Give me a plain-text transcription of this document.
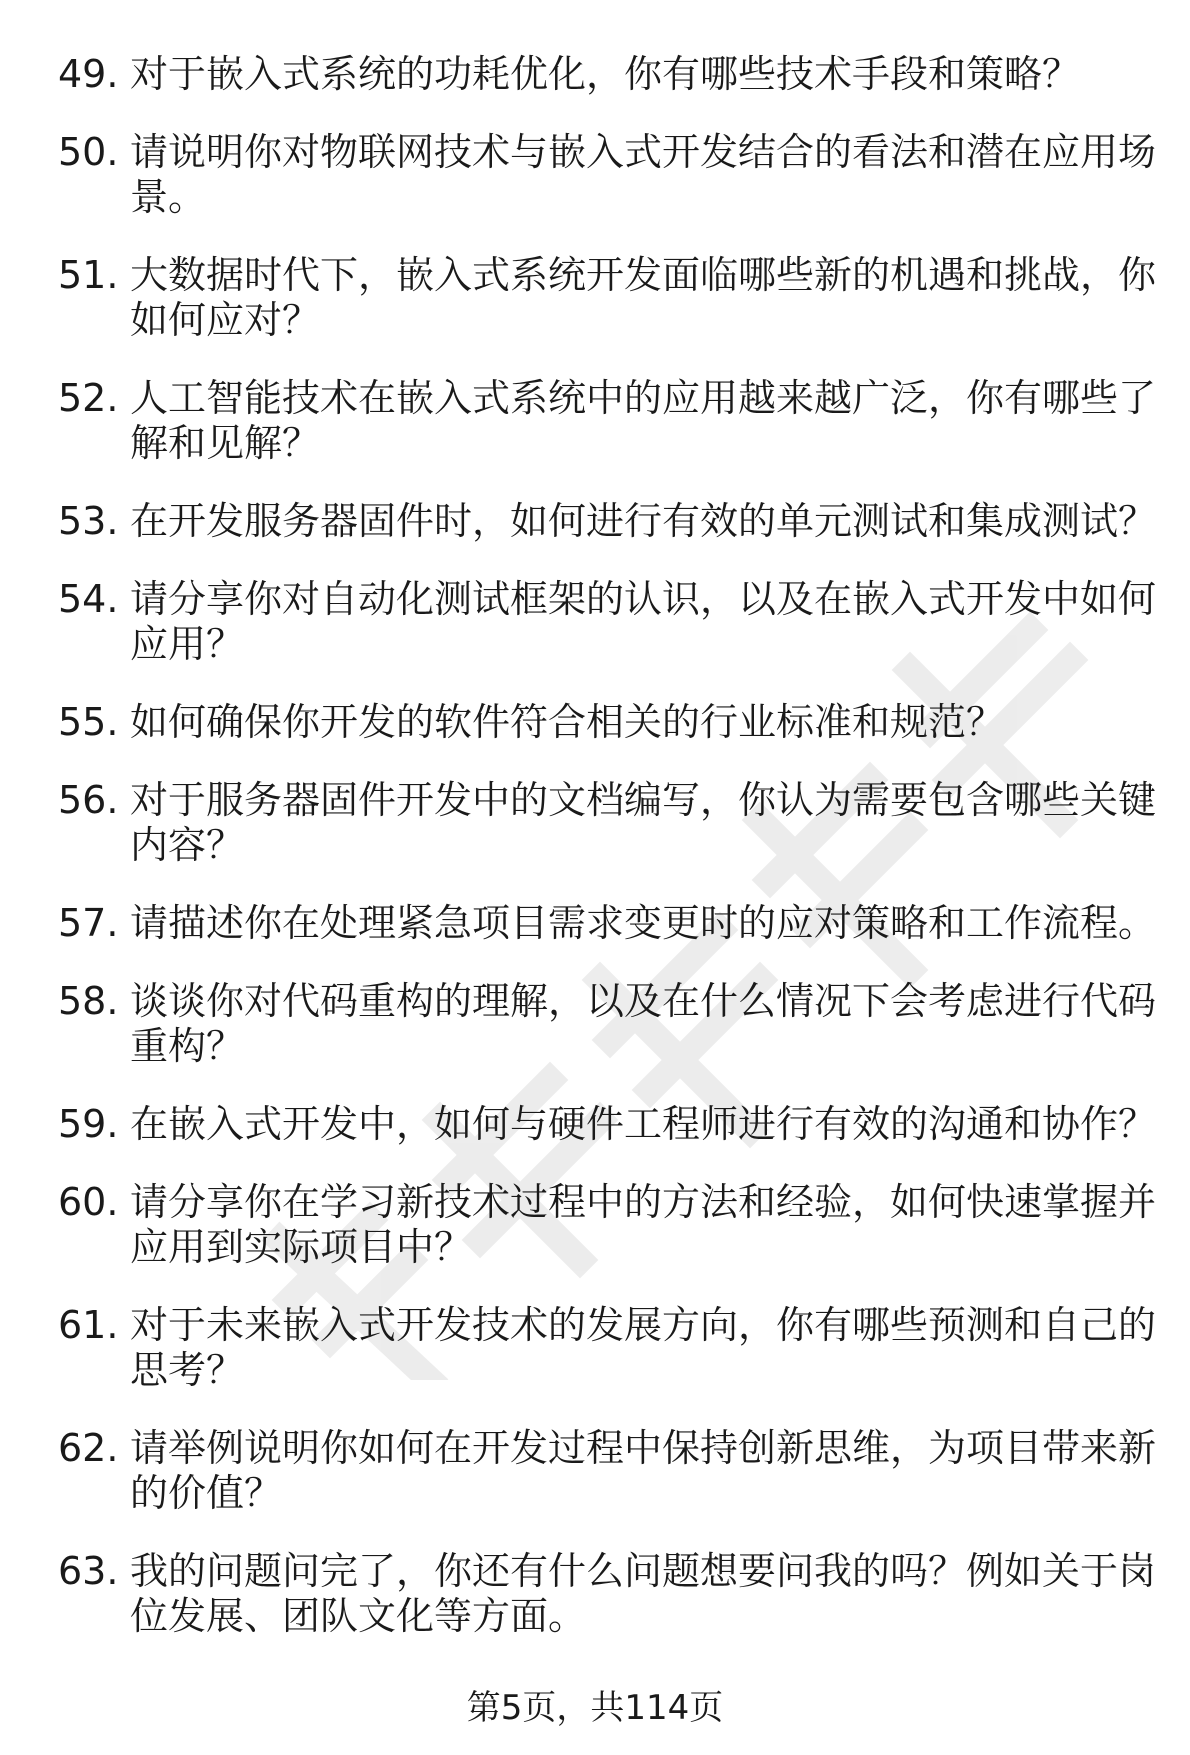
49. 对于嵌入式系统的功耗优化，你有哪些技术手段和策略？
50. 请说明你对物联网技术与嵌入式开发结合的看法和潜在应用场景。
51. 大数据时代下，嵌入式系统开发面临哪些新的机遇和挑战，你如何应对？
52. 人工智能技术在嵌入式系统中的应用越来越广泛，你有哪些了解和见解？
53. 在开发服务器固件时，如何进行有效的单元测试和集成测试？
54. 请分享你对自动化测试框架的认识，以及在嵌入式开发中如何应用？
55. 如何确保你开发的软件符合相关的行业标准和规范？
56. 对于服务器固件开发中的文档编写，你认为需要包含哪些关键内容？
57. 请描述你在处理紧急项目需求变更时的应对策略和工作流程。
58. 谈谈你对代码重构的理解，以及在什么情况下会考虑进行代码重构？
59. 在嵌入式开发中，如何与硬件工程师进行有效的沟通和协作？
60. 请分享你在学习新技术过程中的方法和经验，如何快速掌握并应用到实际项目中？
61. 对于未来嵌入式开发技术的发展方向，你有哪些预测和自己的思考？
62. 请举例说明你如何在开发过程中保持创新思维，为项目带来新的价值？
63. 我的问题问完了，你还有什么问题想要问我的吗？例如关于岗位发展、团队文化等方面。
第5页，共114页
